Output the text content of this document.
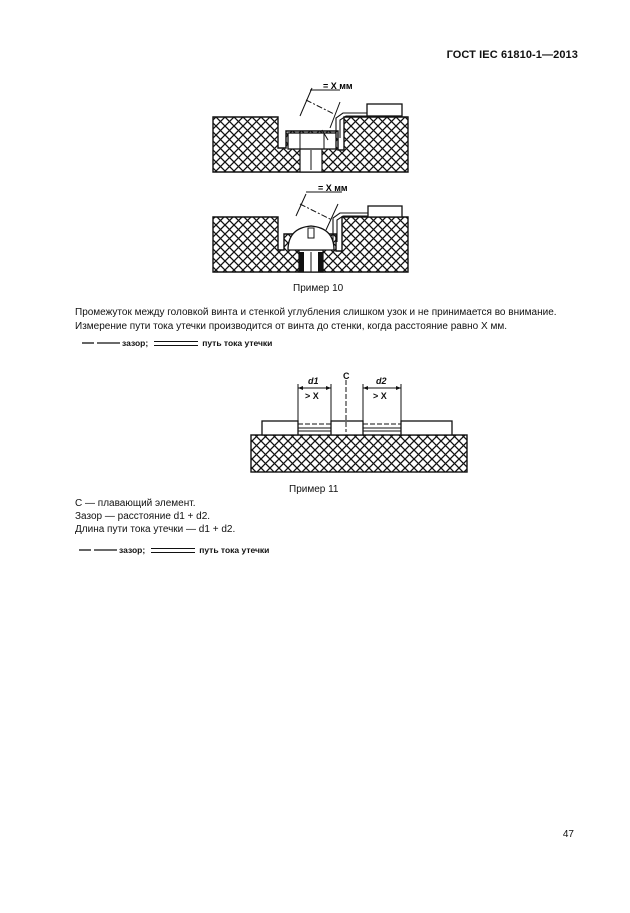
ГОСТ IEC 61810-1—2013
= X мм
= X мм
Пример 10
Промежуток между головкой винта и стенкой углубления слишком узок и не принимается во внимание.
Измерение пути тока утечки производится от винта до стенки, когда расстояние равно X мм.
зазор;	путь тока утечки
C
d1	d2
> X	> X
Пример 11
C — плавающий элемент.
Зазор — расстояние d1 + d2.
Длина пути тока утечки — d1 + d2.
зазор;	путь тока утечки
47
